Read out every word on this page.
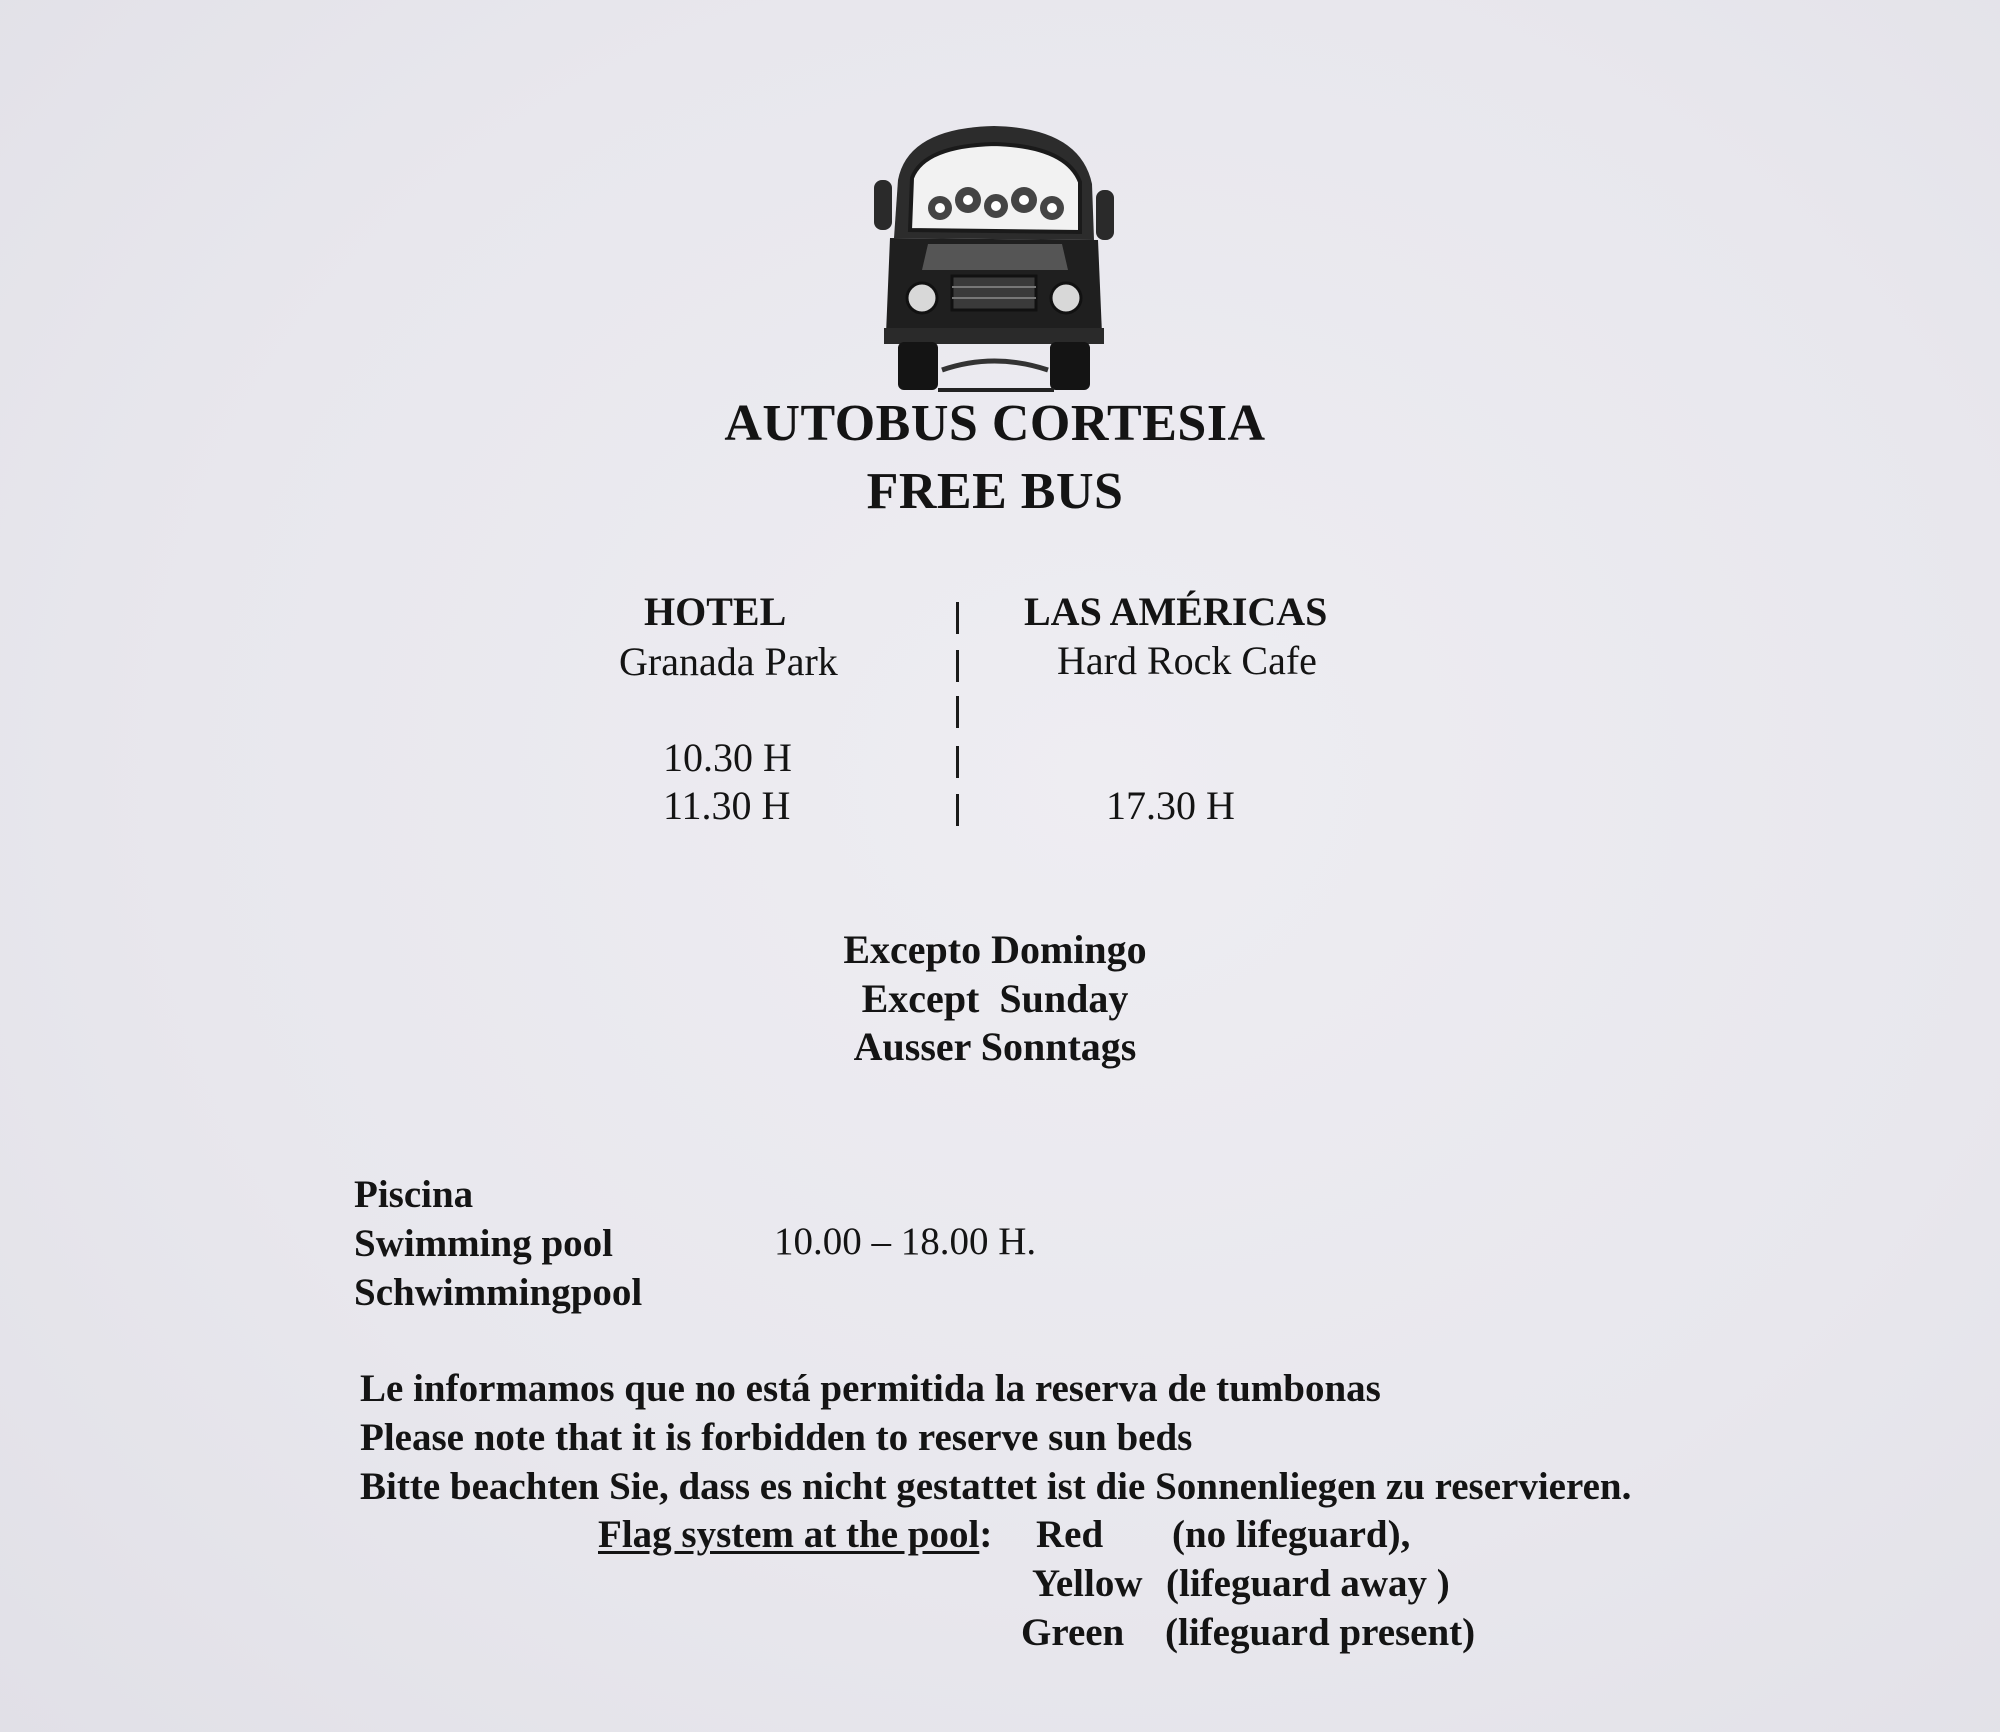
AUTOBUS CORTESIA
FREE BUS
HOTEL
Granada Park
10.30 H
11.30 H
LAS AMÉRICAS
Hard Rock Cafe
17.30 H
Excepto Domingo
Except  Sunday
Ausser Sonntags
Piscina
Swimming pool
Schwimmingpool
10.00 – 18.00 H.
Le informamos que no está permitida la reserva de tumbonas
Please note that it is forbidden to reserve sun beds
Bitte beachten Sie, dass es nicht gestattet ist die Sonnenliegen zu reservieren.
Flag system at the pool: Red (no lifeguard),
Yellow (lifeguard away )
Green (lifeguard present)
